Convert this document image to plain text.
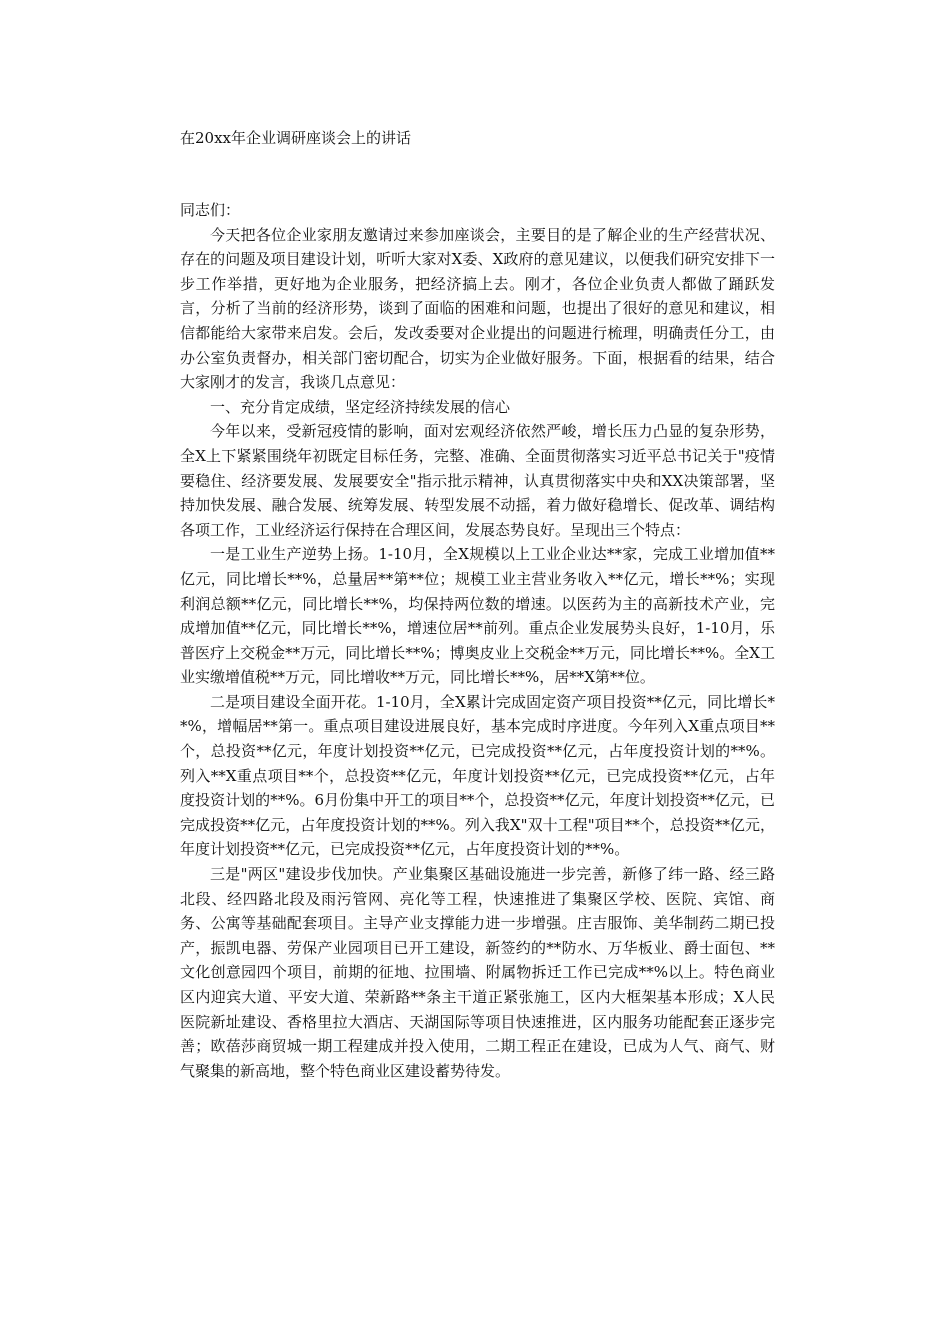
在20xx年企业调研座谈会上的讲话

同志们：

今天把各位企业家朋友邀请过来参加座谈会，主要目的是了解企业的生产经营状况、存在的问题及项目建设计划，听听大家对X委、X政府的意见建议，以便我们研究安排下一步工作举措，更好地为企业服务，把经济搞上去。刚才，各位企业负责人都做了踊跃发言，分析了当前的经济形势，谈到了面临的困难和问题，也提出了很好的意见和建议，相信都能给大家带来启发。会后，发改委要对企业提出的问题进行梳理，明确责任分工，由办公室负责督办，相关部门密切配合，切实为企业做好服务。下面，根据看的结果，结合大家刚才的发言，我谈几点意见：

一、充分肯定成绩，坚定经济持续发展的信心

今年以来，受新冠疫情的影响，面对宏观经济依然严峻，增长压力凸显的复杂形势，全X上下紧紧围绕年初既定目标任务，完整、准确、全面贯彻落实习近平总书记关于"疫情要稳住、经济要发展、发展要安全"指示批示精神，认真贯彻落实中央和XX决策部署，坚持加快发展、融合发展、统筹发展、转型发展不动摇，着力做好稳增长、促改革、调结构各项工作，工业经济运行保持在合理区间，发展态势良好。呈现出三个特点：

一是工业生产逆势上扬。1-10月，全X规模以上工业企业达**家，完成工业增加值**亿元，同比增长**%，总量居**第**位；规模工业主营业务收入**亿元，增长**%；实现利润总额**亿元，同比增长**%，均保持两位数的增速。以医药为主的高新技术产业，完成增加值**亿元，同比增长**%，增速位居**前列。重点企业发展势头良好，1-10月，乐普医疗上交税金**万元，同比增长**%；博奥皮业上交税金**万元，同比增长**%。全X工业实缴增值税**万元，同比增收**万元，同比增长**%，居**X第**位。

二是项目建设全面开花。1-10月，全X累计完成固定资产项目投资**亿元，同比增长**%，增幅居**第一。重点项目建设进展良好，基本完成时序进度。今年列入X重点项目**个，总投资**亿元，年度计划投资**亿元，已完成投资**亿元，占年度投资计划的**%。列入**X重点项目**个，总投资**亿元，年度计划投资**亿元，已完成投资**亿元，占年度投资计划的**%。6月份集中开工的项目**个，总投资**亿元，年度计划投资**亿元，已完成投资**亿元，占年度投资计划的**%。列入我X"双十工程"项目**个，总投资**亿元，年度计划投资**亿元，已完成投资**亿元，占年度投资计划的**%。

三是"两区"建设步伐加快。产业集聚区基础设施进一步完善，新修了纬一路、经三路北段、经四路北段及雨污管网、亮化等工程，快速推进了集聚区学校、医院、宾馆、商务、公寓等基础配套项目。主导产业支撑能力进一步增强。庄吉服饰、美华制药二期已投产，振凯电器、劳保产业园项目已开工建设，新签约的**防水、万华板业、爵士面包、**文化创意园四个项目，前期的征地、拉围墙、附属物拆迁工作已完成**%以上。特色商业区内迎宾大道、平安大道、荣新路**条主干道正紧张施工，区内大框架基本形成；X人民医院新址建设、香格里拉大酒店、天湖国际等项目快速推进，区内服务功能配套正逐步完善；欧蓓莎商贸城一期工程建成并投入使用，二期工程正在建设，已成为人气、商气、财气聚集的新高地，整个特色商业区建设蓄势待发。
